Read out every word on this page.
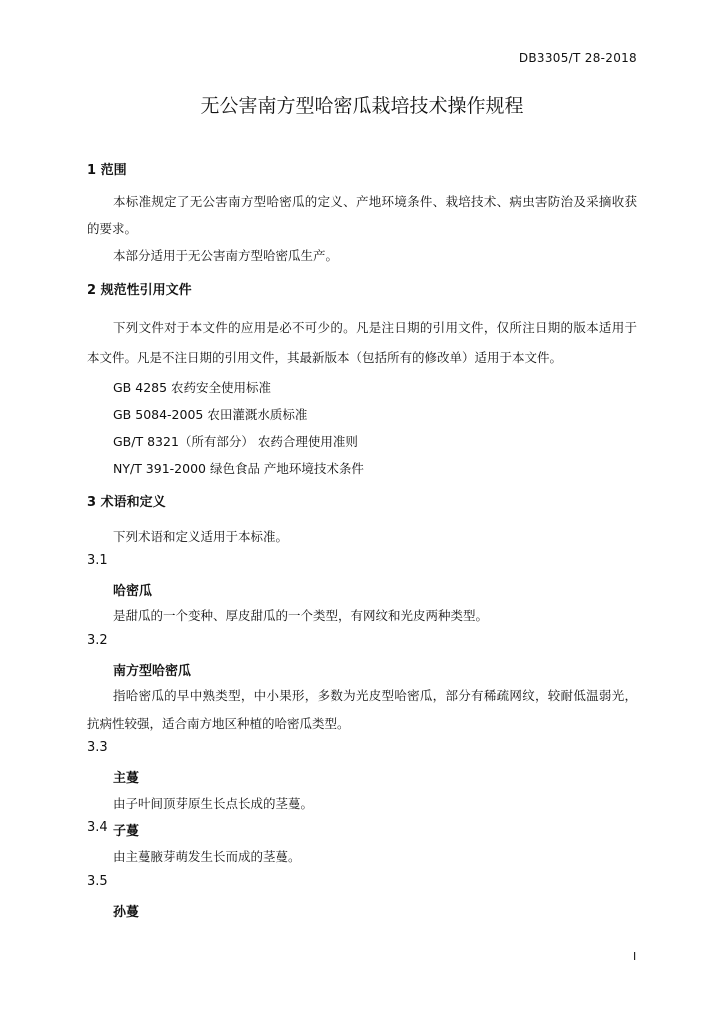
DB3305/T 28-2018
无公害南方型哈密瓜栽培技术操作规程
1 范围
本标准规定了无公害南方型哈密瓜的定义、产地环境条件、栽培技术、病虫害防治及采摘收获
的要求。
本部分适用于无公害南方型哈密瓜生产。
2 规范性引用文件
下列文件对于本文件的应用是必不可少的。凡是注日期的引用文件，仅所注日期的版本适用于
本文件。凡是不注日期的引用文件，其最新版本（包括所有的修改单）适用于本文件。
GB 4285 农药安全使用标准
GB 5084-2005 农田灌溉水质标准
GB/T 8321（所有部分） 农药合理使用准则
NY/T 391-2000 绿色食品 产地环境技术条件
3 术语和定义
下列术语和定义适用于本标准。
3.1
哈密瓜
是甜瓜的一个变种、厚皮甜瓜的一个类型，有网纹和光皮两种类型。
3.2
南方型哈密瓜
指哈密瓜的早中熟类型，中小果形，多数为光皮型哈密瓜，部分有稀疏网纹，较耐低温弱光，
抗病性较强，适合南方地区种植的哈密瓜类型。
3.3
主蔓
由子叶间顶芽原生长点长成的茎蔓。
3.4 子蔓
由主蔓腋芽萌发生长而成的茎蔓。
3.5
孙蔓
I
